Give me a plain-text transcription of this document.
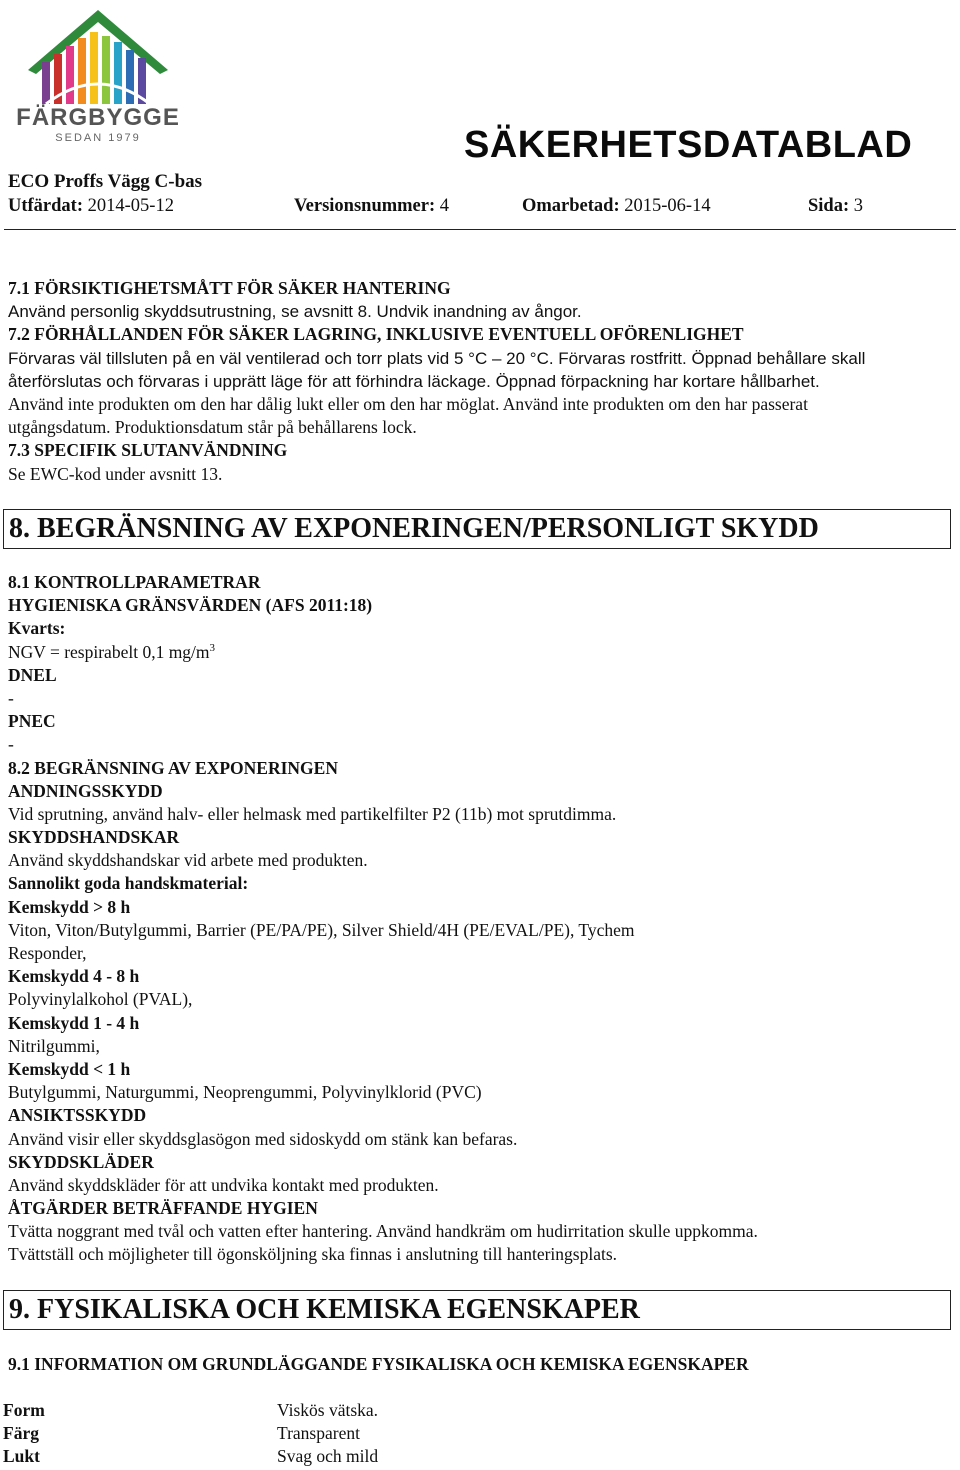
FÄRGBYGGE
SEDAN 1979	SÄKERHETSDATABLAD
ECO Proffs Vägg C-bas
Utfärdat: 2014-05-12	Versionsnummer: 4	Omarbetad: 2015-06-14	Sida: 3
7.1 FÖRSIKTIGHETSMÅTT FÖR SÄKER HANTERING
Använd personlig skyddsutrustning, se avsnitt 8. Undvik inandning av ångor.
7.2 FÖRHÅLLANDEN FÖR SÄKER LAGRING, INKLUSIVE EVENTUELL OFÖRENLIGHET
Förvaras väl tillsluten på en väl ventilerad och torr plats vid 5 °C – 20 °C. Förvaras rostfritt. Öppnad behållare skall
återförslutas och förvaras i upprätt läge för att förhindra läckage. Öppnad förpackning har kortare hållbarhet.
Använd inte produkten om den har dålig lukt eller om den har möglat. Använd inte produkten om den har passerat
utgångsdatum. Produktionsdatum står på behållarens lock.
7.3 SPECIFIK SLUTANVÄNDNING
Se EWC-kod under avsnitt 13.
8. BEGRÄNSNING AV EXPONERINGEN/PERSONLIGT SKYDD
8.1 KONTROLLPARAMETRAR
HYGIENISKA GRÄNSVÄRDEN (AFS 2011:18)
Kvarts:
NGV = respirabelt 0,1 $mg/m^3$
DNEL
-
PNEC
-
8.2 BEGRÄNSNING AV EXPONERINGEN
ANDNINGSSKYDD
Vid sprutning, använd halv- eller helmask med partikelfilter P2 (11b) mot sprutdimma.
SKYDDSHANDSKAR
Använd skyddshandskar vid arbete med produkten.
Sannolikt goda handskmaterial:
Kemskydd > 8 h
Viton, Viton/Butylgummi, Barrier (PE/PA/PE), Silver Shield/4H (PE/EVAL/PE), Tychem
Responder,
Kemskydd 4 - 8 h
Polyvinylalkohol (PVAL),
Kemskydd 1 - 4 h
Nitrilgummi,
Kemskydd < 1 h
Butylgummi, Naturgummi, Neoprengummi, Polyvinylklorid (PVC)
ANSIKTSSKYDD
Använd visir eller skyddsglasögon med sidoskydd om stänk kan befaras.
SKYDDSKLÄDER
Använd skyddskläder för att undvika kontakt med produkten.
ÅTGÄRDER BETRÄFFANDE HYGIEN
Tvätta noggrant med tvål och vatten efter hantering. Använd handkräm om hudirritation skulle uppkomma.
Tvättställ och möjligheter till ögonsköljning ska finnas i anslutning till hanteringsplats.
9. FYSIKALISKA OCH KEMISKA EGENSKAPER
9.1 INFORMATION OM GRUNDLÄGGANDE FYSIKALISKA OCH KEMISKA EGENSKAPER
Form	Viskös vätska.
Färg	Transparent
Lukt	Svag och mild
